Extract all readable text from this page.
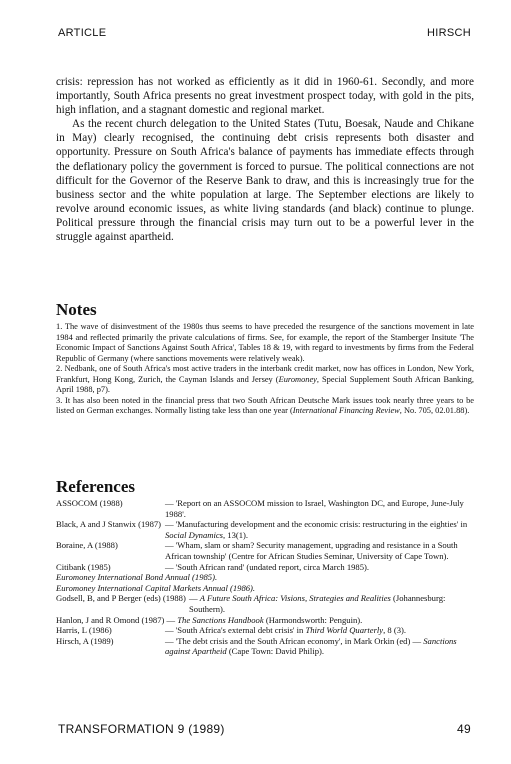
ARTICLE	HIRSCH

crisis: repression has not worked as efficiently as it did in 1960-61. Secondly, and more importantly, South Africa presents no great investment prospect today, with gold in the pits, high inflation, and a stagnant domestic and regional market.

As the recent church delegation to the United States (Tutu, Boesak, Naude and Chikane in May) clearly recognised, the continuing debt crisis represents both disaster and opportunity. Pressure on South Africa's balance of payments has immediate effects through the deflationary policy the government is forced to pursue. The political connections are not difficult for the Governor of the Reserve Bank to draw, and this is increasingly true for the business sector and the white population at large. The September elections are likely to revolve around economic issues, as white living standards (and black) continue to plunge. Political pressure through the financial crisis may turn out to be a powerful lever in the struggle against apartheid.

Notes

1. The wave of disinvestment of the 1980s thus seems to have preceded the resurgence of the sanctions movement in late 1984 and reflected primarily the private calculations of firms. See, for example, the report of the Stamberger Insitute 'The Economic Impact of Sanctions Against South Africa', Tables 18 & 19, with regard to investments by firms from the Federal Republic of Germany (where sanctions movements were relatively weak).

2. Nedbank, one of South Africa's most active traders in the interbank credit market, now has offices in London, New York, Frankfurt, Hong Kong, Zurich, the Cayman Islands and Jersey (Euromoney, Special Supplement South African Banking, April 1988, p7).

3. It has also been noted in the financial press that two South African Deutsche Mark issues took nearly three years to be listed on German exchanges. Normally listing take less than one year (International Financing Review, No. 705, 02.01.88).

References
ASSOCOM (1988)	— 'Report on an ASSOCOM mission to Israel, Washington DC, and Europe, June-July 1988'.
Black, A and J Stanwix (1987) — 'Manufacturing development and the economic crisis: restructuring in the eighties' in Social Dynamics, 13(1).
Boraine, A (1988)	— 'Wham, slam or sham? Security management, upgrading and resistance in a South African township' (Centre for African Studies Seminar, University of Cape Town).
Citibank (1985)	— 'South African rand' (undated report, circa March 1985).
Euromoney International Bond Annual (1985).
Euromoney International Capital Markets Annual (1986).
Godsell, B, and P Berger (eds) (1988) — A Future South Africa: Visions, Strategies and Realities (Johannesburg: Southern).
Hanlon, J and R Omond (1987) — The Sanctions Handbook (Harmondsworth: Penguin).
Harris, L (1986)	— 'South Africa's external debt crisis' in Third World Quarterly, 8 (3).
Hirsch, A (1989)	— 'The debt crisis and the South African economy', in Mark Orkin (ed) — Sanctions against Apartheid (Cape Town: David Philip).
TRANSFORMATION 9 (1989)	49
